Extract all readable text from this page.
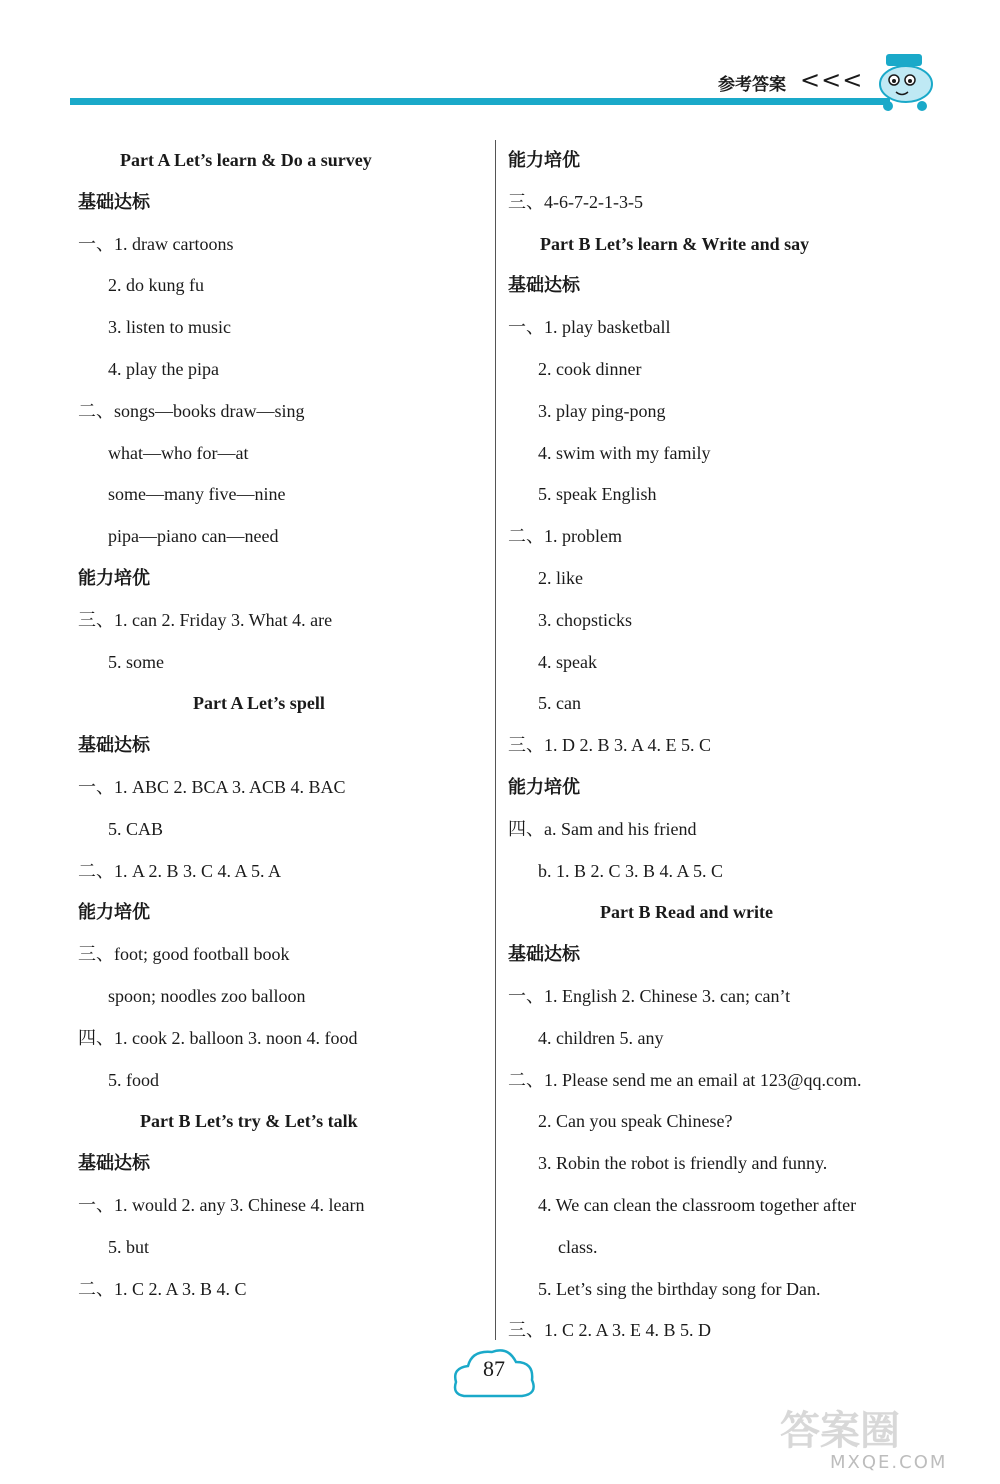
参考答案 <<<
Part A Let’s learn & Do a survey
基础达标
一、1. draw cartoons
2. do kung fu
3. listen to music
4. play the pipa
二、songs—books draw—sing
what—who for—at
some—many five—nine
pipa—piano can—need
能力培优
三、1. can 2. Friday 3. What 4. are
5. some
Part A Let’s spell
基础达标
一、1. ABC 2. BCA 3. ACB 4. BAC
5. CAB
二、1. A 2. B 3. C 4. A 5. A
能力培优
三、foot; good football book
spoon; noodles zoo balloon
四、1. cook 2. balloon 3. noon 4. food
5. food
Part B Let’s try & Let’s talk
基础达标
一、1. would 2. any 3. Chinese 4. learn
5. but
二、1. C 2. A 3. B 4. C
能力培优
三、4-6-7-2-1-3-5
Part B Let’s learn & Write and say
基础达标
一、1. play basketball
2. cook dinner
3. play ping-pong
4. swim with my family
5. speak English
二、1. problem
2. like
3. chopsticks
4. speak
5. can
三、1. D 2. B 3. A 4. E 5. C
能力培优
四、a. Sam and his friend
b. 1. B 2. C 3. B 4. A 5. C
Part B Read and write
基础达标
一、1. English 2. Chinese 3. can; can’t
4. children 5. any
二、1. Please send me an email at 123@qq.com.
2. Can you speak Chinese?
3. Robin the robot is friendly and funny.
4. We can clean the classroom together after
class.
5. Let’s sing the birthday song for Dan.
三、1. C 2. A 3. E 4. B 5. D
87
答案圈
MXQE.COM
